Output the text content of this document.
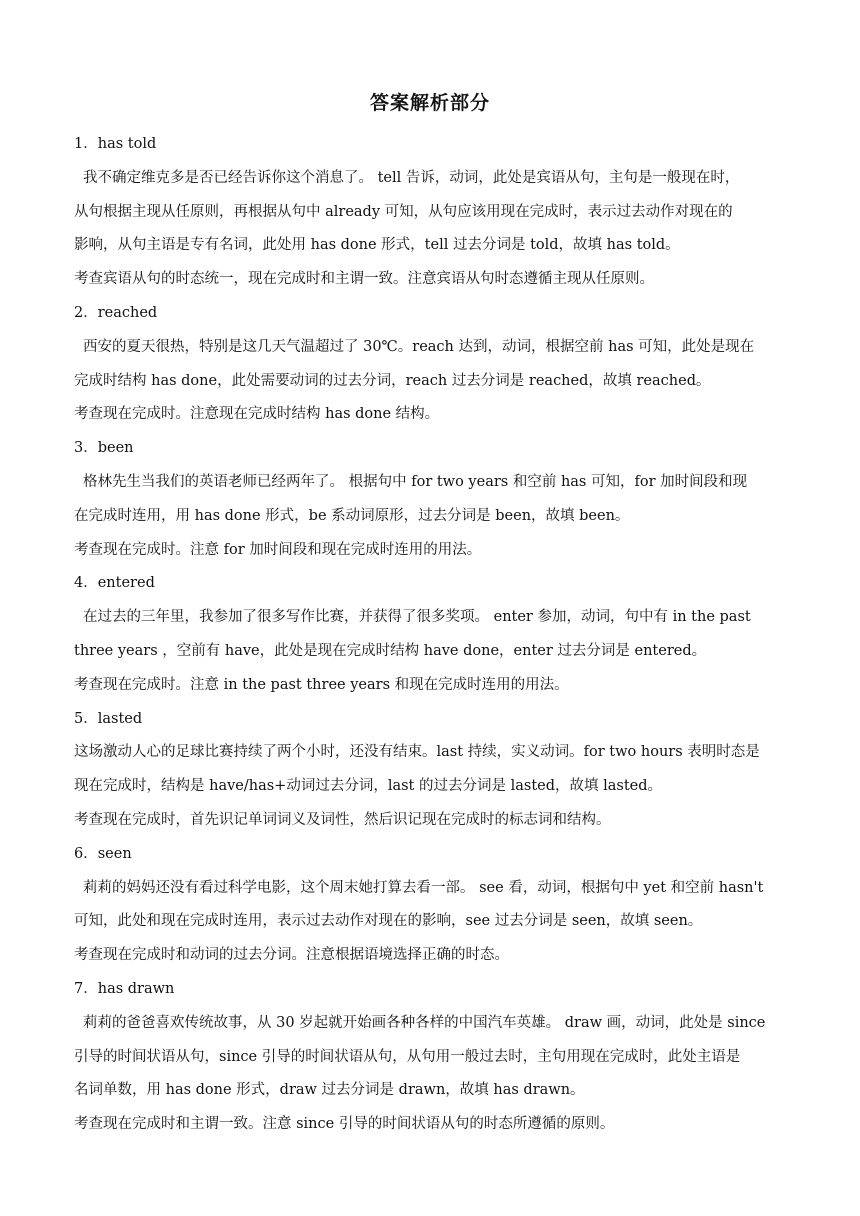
答案解析部分
1．has told
我不确定维克多是否已经告诉你这个消息了。 tell 告诉，动词，此处是宾语从句，主句是一般现在时，
从句根据主现从任原则，再根据从句中 already 可知，从句应该用现在完成时，表示过去动作对现在的
影响，从句主语是专有名词，此处用 has done 形式，tell 过去分词是 told，故填 has told。
考查宾语从句的时态统一，现在完成时和主谓一致。注意宾语从句时态遵循主现从任原则。
2．reached
西安的夏天很热，特别是这几天气温超过了 30℃。reach 达到，动词，根据空前 has 可知，此处是现在
完成时结构 has done，此处需要动词的过去分词，reach 过去分词是 reached，故填 reached。
考查现在完成时。注意现在完成时结构 has done 结构。
3．been
格林先生当我们的英语老师已经两年了。 根据句中 for two years 和空前 has 可知，for 加时间段和现
在完成时连用，用 has done 形式，be 系动词原形，过去分词是 been，故填 been。
考查现在完成时。注意 for 加时间段和现在完成时连用的用法。
4．entered
在过去的三年里，我参加了很多写作比赛，并获得了很多奖项。 enter 参加，动词，句中有 in the past
three years ，空前有 have，此处是现在完成时结构 have done，enter 过去分词是 entered。
考查现在完成时。注意 in the past three years 和现在完成时连用的用法。
5．lasted
这场激动人心的足球比赛持续了两个小时，还没有结束。last 持续，实义动词。for two hours 表明时态是
现在完成时，结构是 have/has+动词过去分词，last 的过去分词是 lasted，故填 lasted。
考查现在完成时，首先识记单词词义及词性，然后识记现在完成时的标志词和结构。
6．seen
莉莉的妈妈还没有看过科学电影，这个周末她打算去看一部。 see 看，动词，根据句中 yet 和空前 hasn't
可知，此处和现在完成时连用，表示过去动作对现在的影响，see 过去分词是 seen，故填 seen。
考查现在完成时和动词的过去分词。注意根据语境选择正确的时态。
7．has drawn
莉莉的爸爸喜欢传统故事，从 30 岁起就开始画各种各样的中国汽车英雄。 draw 画，动词，此处是 since
引导的时间状语从句，since 引导的时间状语从句，从句用一般过去时，主句用现在完成时，此处主语是
名词单数，用 has done 形式，draw 过去分词是 drawn，故填 has drawn。
考查现在完成时和主谓一致。注意 since 引导的时间状语从句的时态所遵循的原则。
